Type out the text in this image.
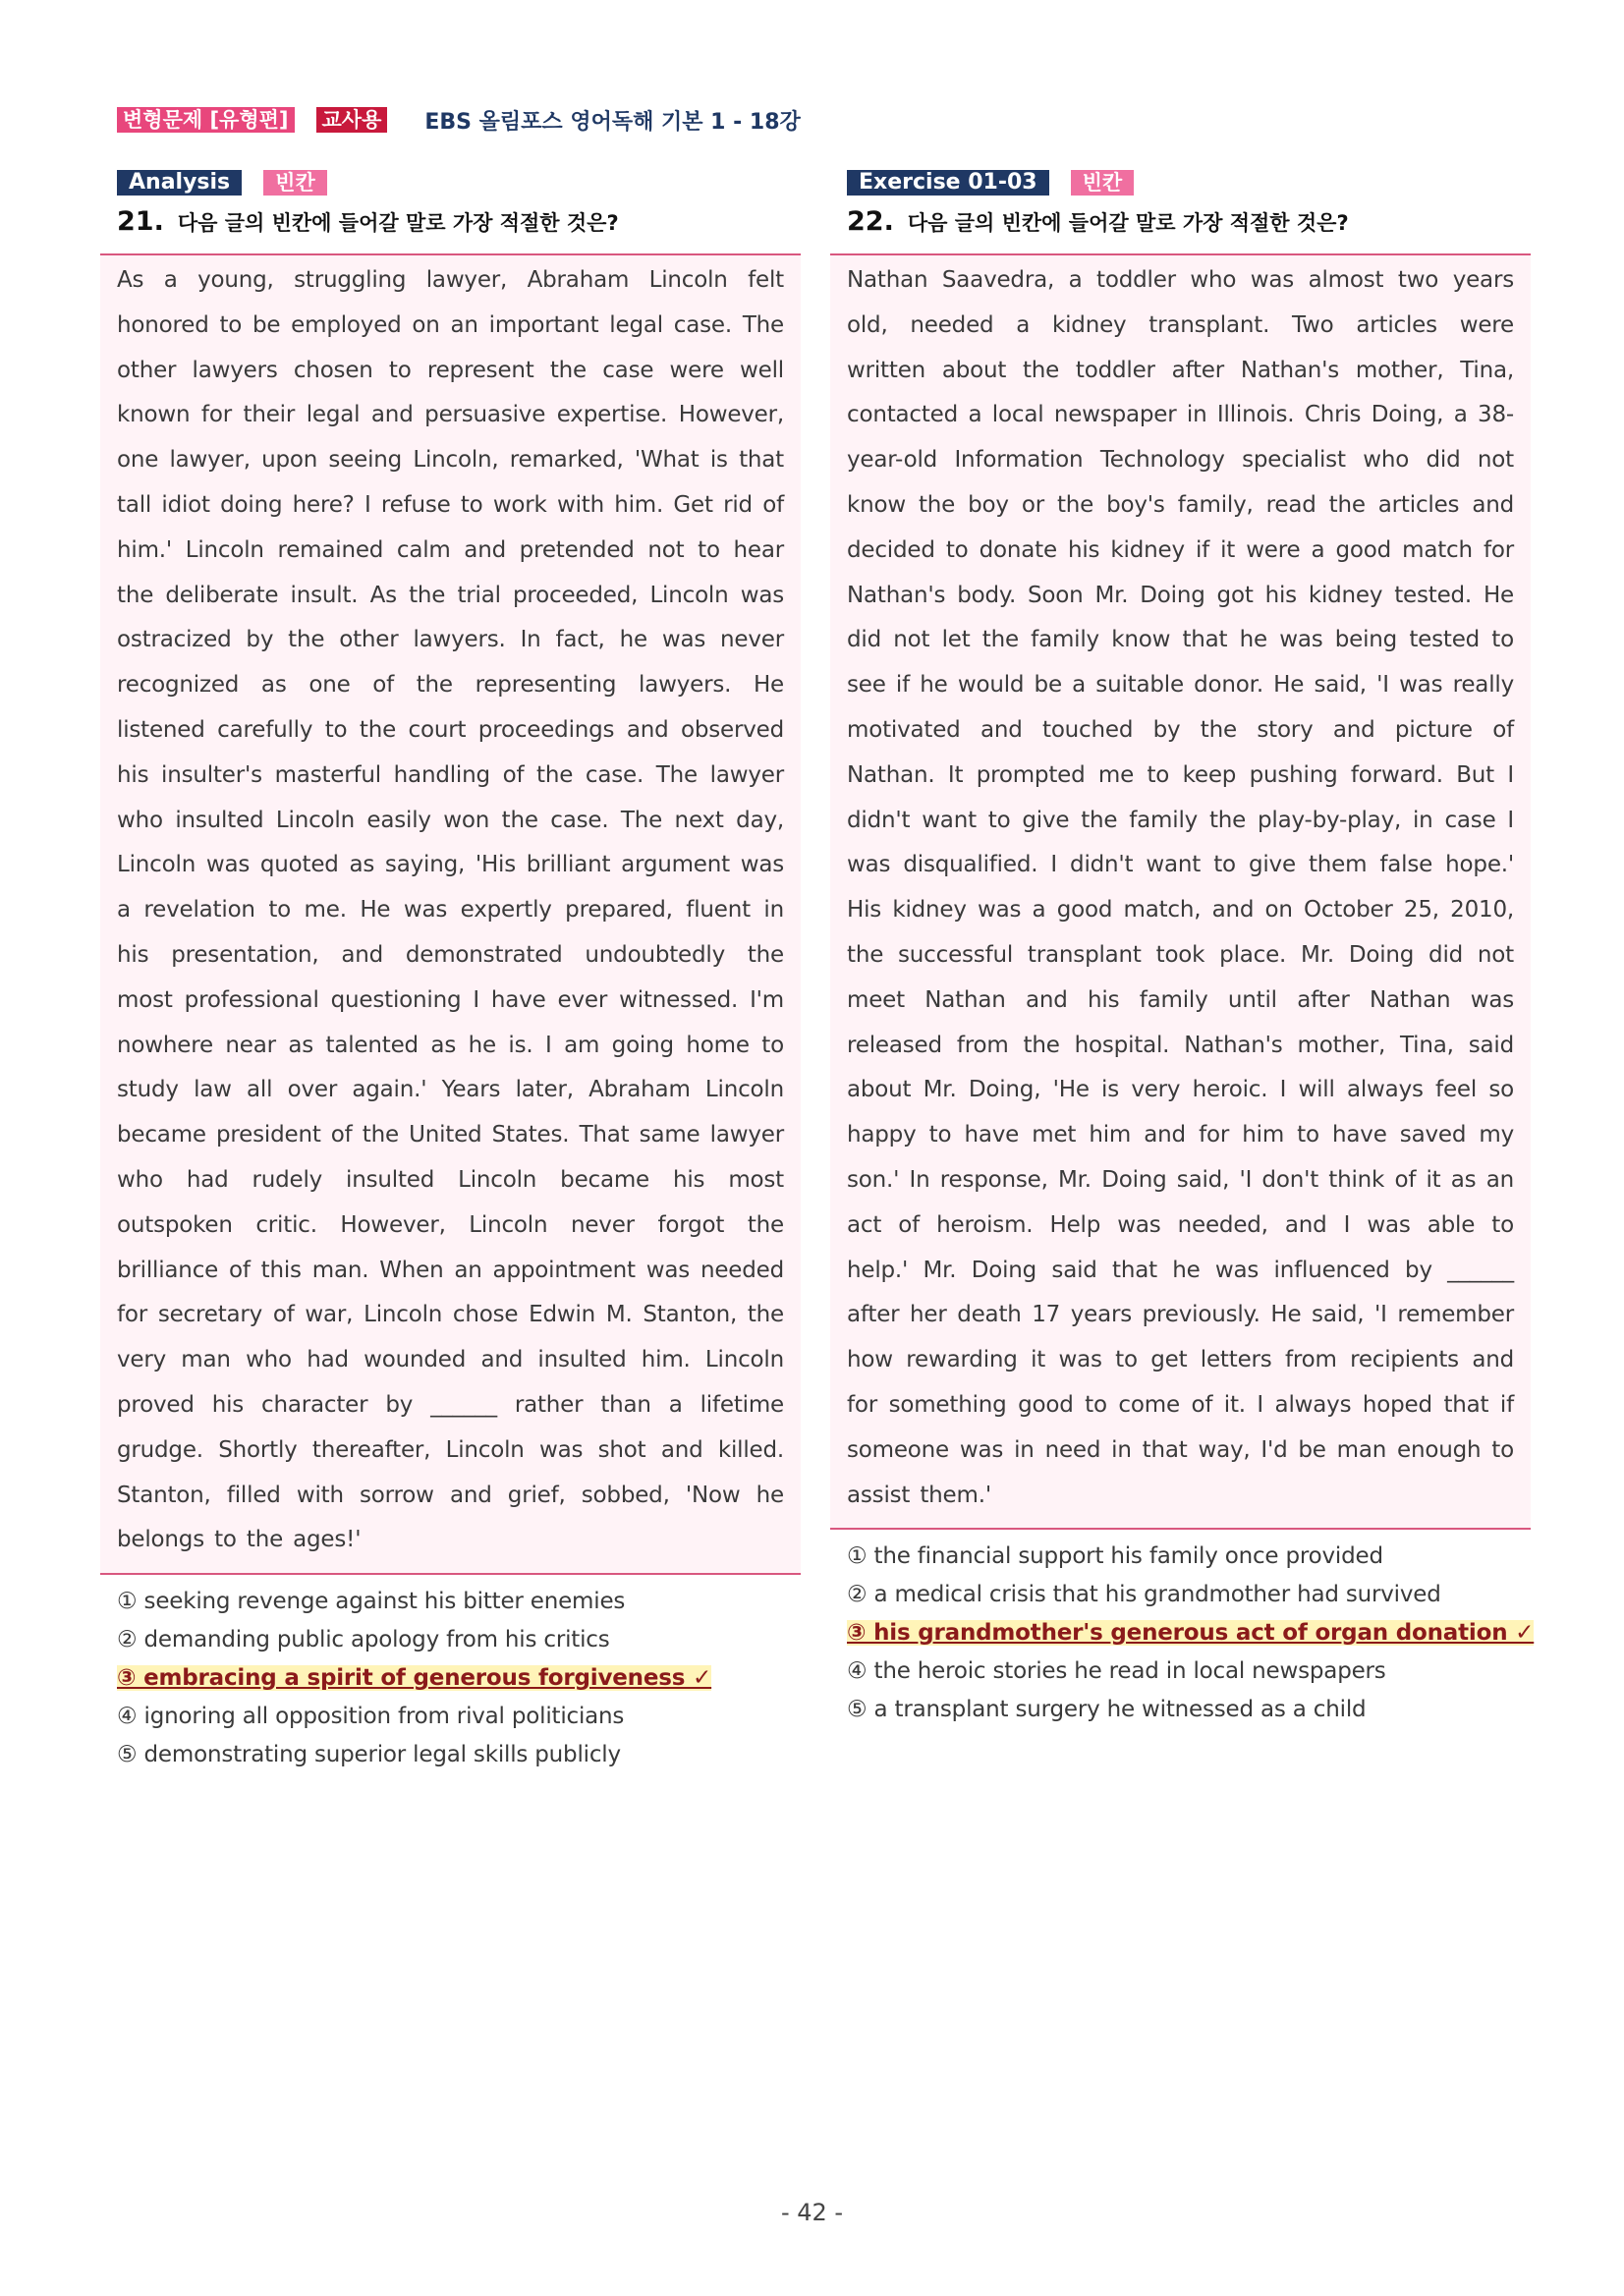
변형문제 [유형편] 교사용 EBS 올림포스 영어독해 기본 1 - 18강
Analysis	빈칸
21. 다음 글의 빈칸에 들어갈 말로 가장 적절한 것은?
As a young, struggling lawyer, Abraham Lincoln felt honored to be employed on an important legal case. The other lawyers chosen to represent the case were well known for their legal and persuasive expertise. However, one lawyer, upon seeing Lincoln, remarked, 'What is that tall idiot doing here? I refuse to work with him. Get rid of him.' Lincoln remained calm and pretended not to hear the deliberate insult. As the trial proceeded, Lincoln was ostracized by the other lawyers. In fact, he was never recognized as one of the representing lawyers. He listened carefully to the court proceedings and observed his insulter's masterful handling of the case. The lawyer who insulted Lincoln easily won the case. The next day, Lincoln was quoted as saying, 'His brilliant argument was a revelation to me. He was expertly prepared, fluent in his presentation, and demonstrated undoubtedly the most professional questioning I have ever witnessed. I'm nowhere near as talented as he is. I am going home to study law all over again.' Years later, Abraham Lincoln became president of the United States. That same lawyer who had rudely insulted Lincoln became his most outspoken critic. However, Lincoln never forgot the brilliance of this man. When an appointment was needed for secretary of war, Lincoln chose Edwin M. Stanton, the very man who had wounded and insulted him. Lincoln proved his character by ______ rather than a lifetime grudge. Shortly thereafter, Lincoln was shot and killed. Stanton, filled with sorrow and grief, sobbed, 'Now he belongs to the ages!'
① seeking revenge against his bitter enemies
② demanding public apology from his critics
③ embracing a spirit of generous forgiveness ✓
④ ignoring all opposition from rival politicians
⑤ demonstrating superior legal skills publicly
Exercise 01-03	빈칸
22. 다음 글의 빈칸에 들어갈 말로 가장 적절한 것은?
Nathan Saavedra, a toddler who was almost two years old, needed a kidney transplant. Two articles were written about the toddler after Nathan's mother, Tina, contacted a local newspaper in Illinois. Chris Doing, a 38-year-old Information Technology specialist who did not know the boy or the boy's family, read the articles and decided to donate his kidney if it were a good match for Nathan's body. Soon Mr. Doing got his kidney tested. He did not let the family know that he was being tested to see if he would be a suitable donor. He said, 'I was really motivated and touched by the story and picture of Nathan. It prompted me to keep pushing forward. But I didn't want to give the family the play-by-play, in case I was disqualified. I didn't want to give them false hope.' His kidney was a good match, and on October 25, 2010, the successful transplant took place. Mr. Doing did not meet Nathan and his family until after Nathan was released from the hospital. Nathan's mother, Tina, said about Mr. Doing, 'He is very heroic. I will always feel so happy to have met him and for him to have saved my son.' In response, Mr. Doing said, 'I don't think of it as an act of heroism. Help was needed, and I was able to help.' Mr. Doing said that he was influenced by ______ after her death 17 years previously. He said, 'I remember how rewarding it was to get letters from recipients and for something good to come of it. I always hoped that if someone was in need in that way, I'd be man enough to assist them.'
① the financial support his family once provided
② a medical crisis that his grandmother had survived
③ his grandmother's generous act of organ donation ✓
④ the heroic stories he read in local newspapers
⑤ a transplant surgery he witnessed as a child
- 42 -
